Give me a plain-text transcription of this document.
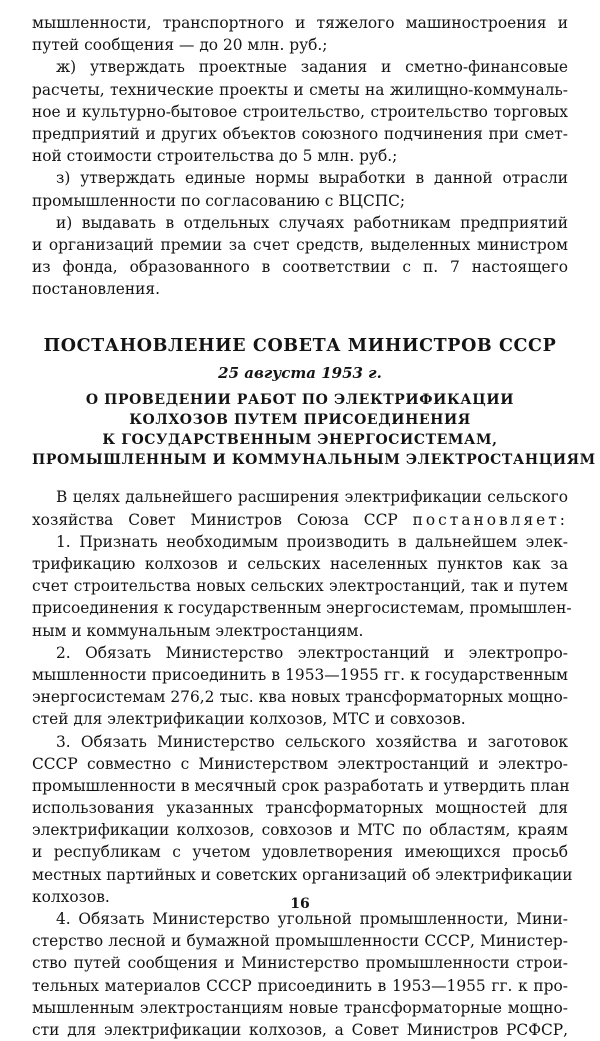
мышленности, транспортного и тяжелого машиностроения и
путей сообщения — до 20 млн. руб.;
ж) утверждать проектные задания и сметно-финансовые
расчеты, технические проекты и сметы на жилищно-коммуналь-
ное и культурно-бытовое строительство, строительство торговых
предприятий и других объектов союзного подчинения при смет-
ной стоимости строительства до 5 млн. руб.;
з) утверждать единые нормы выработки в данной отрасли
промышленности по согласованию с ВЦСПС;
и) выдавать в отдельных случаях работникам предприятий
и организаций премии за счет средств, выделенных министром
из фонда, образованного в соответствии с п. 7 настоящего
постановления.
ПОСТАНОВЛЕНИЕ СОВЕТА МИНИСТРОВ СССР
25 августа 1953 г.
О ПРОВЕДЕНИИ РАБОТ ПО ЭЛЕКТРИФИКАЦИИ
КОЛХОЗОВ ПУТЕМ ПРИСОЕДИНЕНИЯ
К ГОСУДАРСТВЕННЫМ ЭНЕРГОСИСТЕМАМ,
ПРОМЫШЛЕННЫМ И КОММУНАЛЬНЫМ ЭЛЕКТРОСТАНЦИЯМ
В целях дальнейшего расширения электрификации сельского
хозяйства Совет Министров Союза ССР постановляет:
1. Признать необходимым производить в дальнейшем элек-
трификацию колхозов и сельских населенных пунктов как за
счет строительства новых сельских электростанций, так и путем
присоединения к государственным энергосистемам, промышлен-
ным и коммунальным электростанциям.
2. Обязать Министерство электростанций и электропро-
мышленности присоединить в 1953—1955 гг. к государственным
энергосистемам 276,2 тыс. ква новых трансформаторных мощно-
стей для электрификации колхозов, МТС и совхозов.
3. Обязать Министерство сельского хозяйства и заготовок
СССР совместно с Министерством электростанций и электро-
промышленности в месячный срок разработать и утвердить план
использования указанных трансформаторных мощностей для
электрификации колхозов, совхозов и МТС по областям, краям
и республикам с учетом удовлетворения имеющихся просьб
местных партийных и советских организаций об электрификации
колхозов.
4. Обязать Министерство угольной промышленности, Мини-
стерство лесной и бумажной промышленности СССР, Министер-
ство путей сообщения и Министерство промышленности строи-
тельных материалов СССР присоединить в 1953—1955 гг. к про-
мышленным электростанциям новые трансформаторные мощно-
сти для электрификации колхозов, а Совет Министров РСФСР,
16
